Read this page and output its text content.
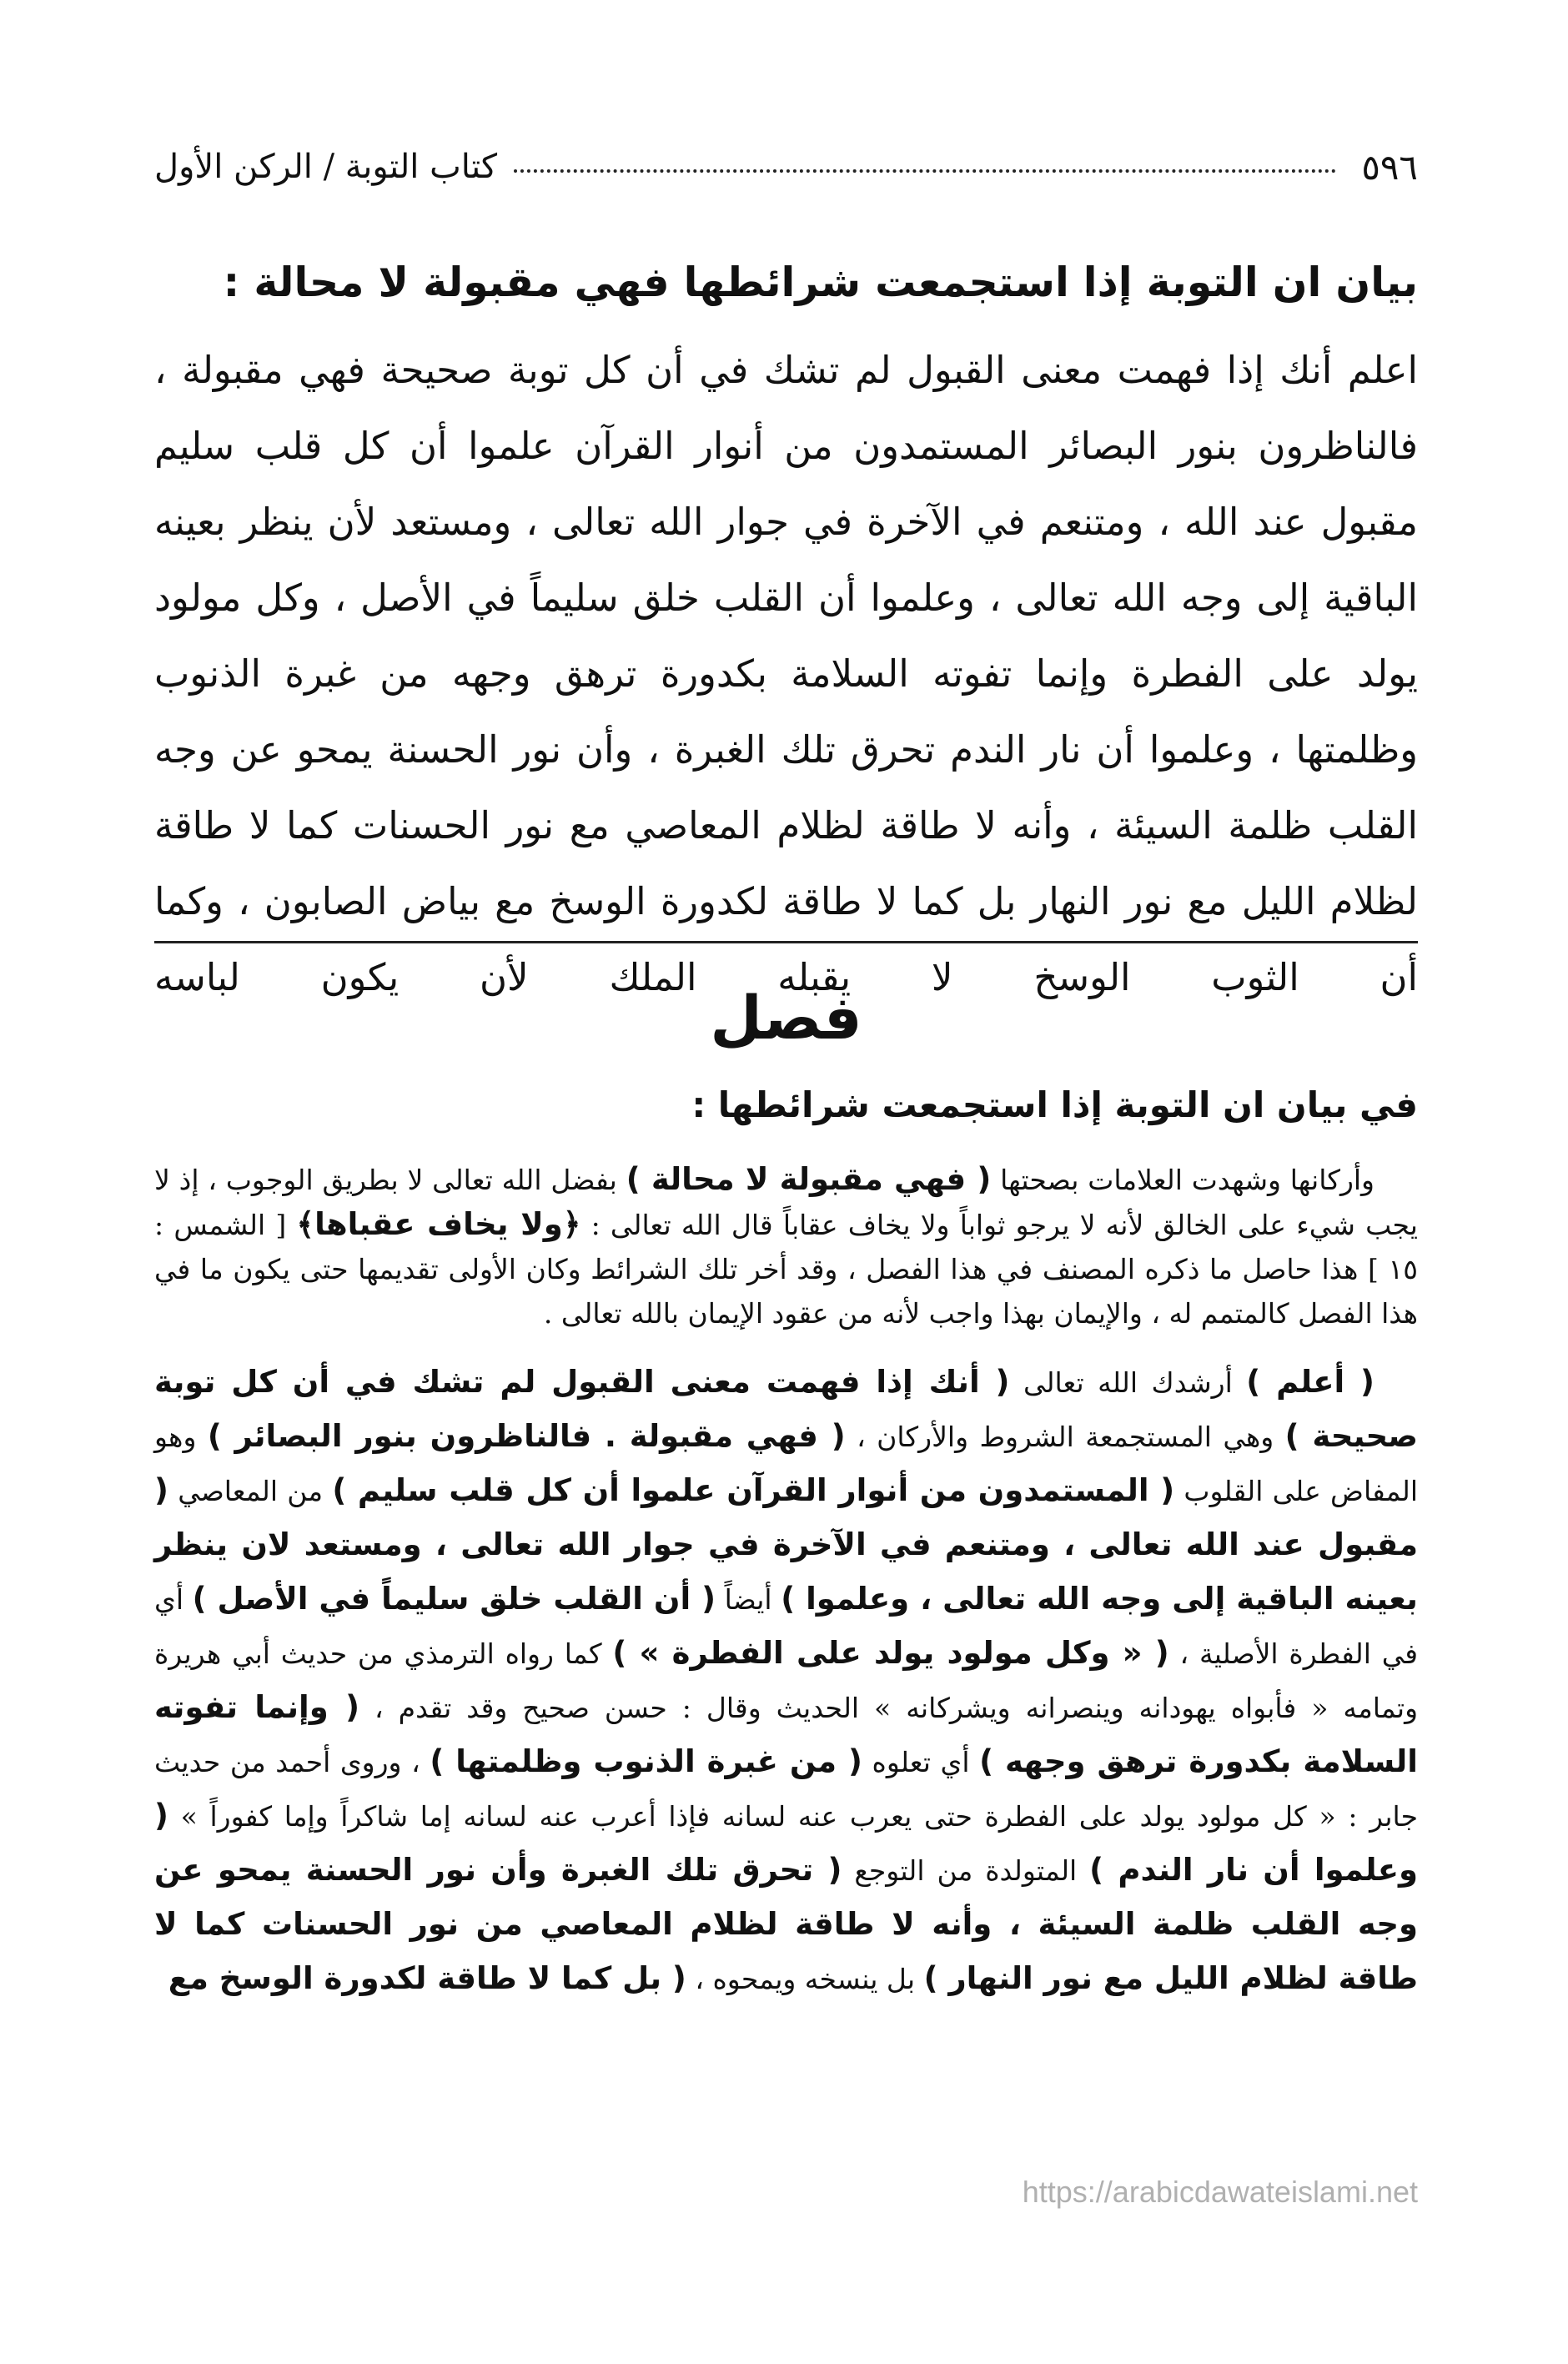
٥٩٦
كتاب التوبة / الركن الأول
بيان ان التوبة إذا استجمعت شرائطها فهي مقبولة لا محالة :

اعلم أنك إذا فهمت معنى القبول لم تشك في أن كل توبة صحيحة فهي مقبولة ، فالناظرون بنور البصائر المستمدون من أنوار القرآن علموا أن كل قلب سليم مقبول عند الله ، ومتنعم في الآخرة في جوار الله تعالى ، ومستعد لأن ينظر بعينه الباقية إلى وجه الله تعالى ، وعلموا أن القلب خلق سليماً في الأصل ، وكل مولود يولد على الفطرة وإنما تفوته السلامة بكدورة ترهق وجهه من غبرة الذنوب وظلمتها ، وعلموا أن نار الندم تحرق تلك الغبرة ، وأن نور الحسنة يمحو عن وجه القلب ظلمة السيئة ، وأنه لا طاقة لظلام المعاصي مع نور الحسنات كما لا طاقة لظلام الليل مع نور النهار بل كما لا طاقة لكدورة الوسخ مع بياض الصابون ، وكما أن الثوب الوسخ لا يقبله الملك لأن يكون لباسه

فصل
في بيان ان التوبة إذا استجمعت شرائطها :

وأركانها وشهدت العلامات بصحتها ( فهي مقبولة لا محالة ) بفضل الله تعالى لا بطريق الوجوب ، إذ لا يجب شيء على الخالق لأنه لا يرجو ثواباً ولا يخاف عقاباً قال الله تعالى : ﴿ولا يخاف عقباها﴾ [ الشمس : ١٥ ] هذا حاصل ما ذكره المصنف في هذا الفصل ، وقد أخر تلك الشرائط وكان الأولى تقديمها حتى يكون ما في هذا الفصل كالمتمم له ، والإيمان بهذا واجب لأنه من عقود الإيمان بالله تعالى .

( أعلم ) أرشدك الله تعالى ( أنك إذا فهمت معنى القبول لم تشك في أن كل توبة صحيحة ) وهي المستجمعة الشروط والأركان ، ( فهي مقبولة . فالناظرون بنور البصائر ) وهو المفاض على القلوب ( المستمدون من أنوار القرآن علموا أن كل قلب سليم ) من المعاصي ( مقبول عند الله تعالى ، ومتنعم في الآخرة في جوار الله تعالى ، ومستعد لان ينظر بعينه الباقية إلى وجه الله تعالى ، وعلموا ) أيضاً ( أن القلب خلق سليماً في الأصل ) أي في الفطرة الأصلية ، ( « وكل مولود يولد على الفطرة » ) كما رواه الترمذي من حديث أبي هريرة وتمامه « فأبواه يهودانه وينصرانه ويشركانه » الحديث وقال : حسن صحيح وقد تقدم ، ( وإنما تفوته السلامة بكدورة ترهق وجهه ) أي تعلوه ( من غبرة الذنوب وظلمتها ) ، وروى أحمد من حديث جابر : « كل مولود يولد على الفطرة حتى يعرب عنه لسانه فإذا أعرب عنه لسانه إما شاكراً وإما كفوراً » ( وعلموا أن نار الندم ) المتولدة من التوجع ( تحرق تلك الغبرة وأن نور الحسنة يمحو عن وجه القلب ظلمة السيئة ، وأنه لا طاقة لظلام المعاصي من نور الحسنات كما لا طاقة لظلام الليل مع نور النهار ) بل ينسخه ويمحوه ، ( بل كما لا طاقة لكدورة الوسخ مع

https://arabicdawateislami.net
